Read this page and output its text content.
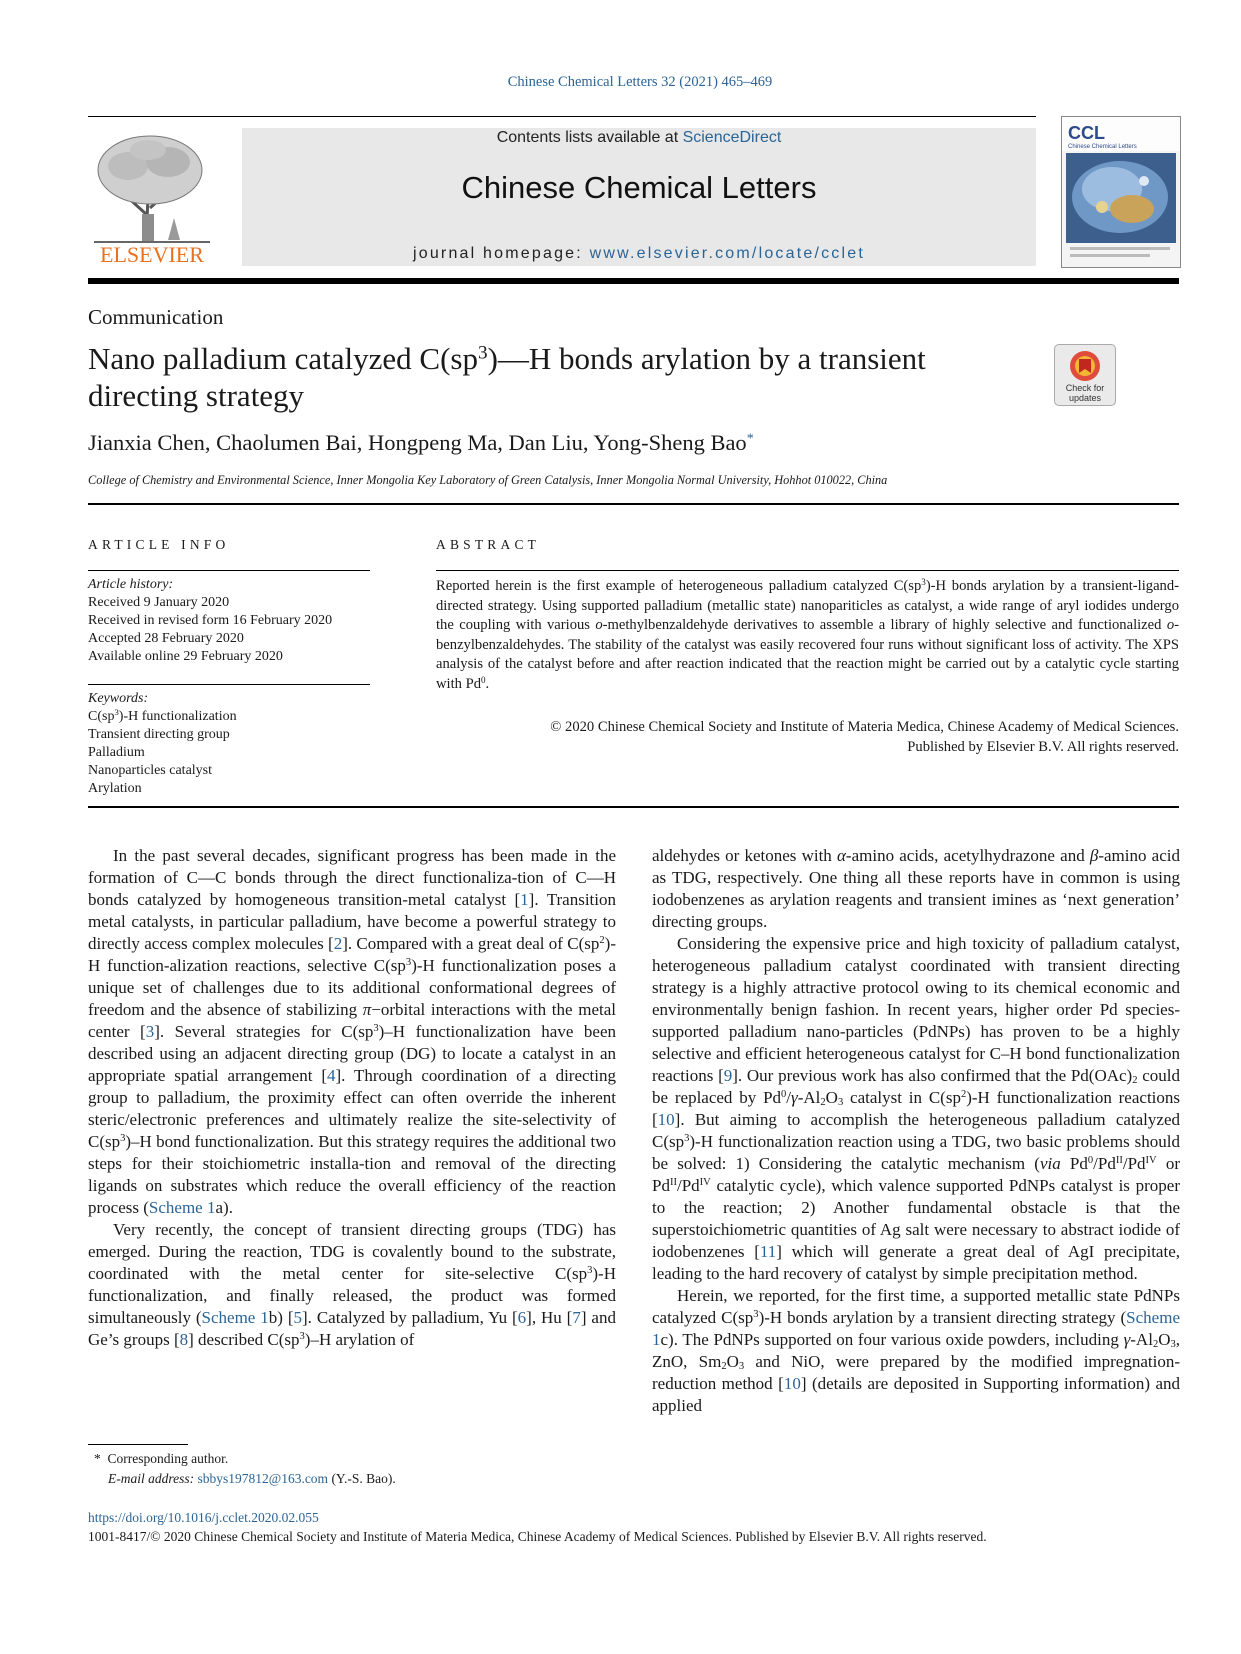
Chinese Chemical Letters 32 (2021) 465–469
ELSEVIER
Contents lists available at ScienceDirect
Chinese Chemical Letters
journal homepage: www.elsevier.com/locate/cclet
CCL
Chinese Chemical Letters
Communication
Nano palladium catalyzed $C(sp^3)—H$ bonds arylation by a transient directing strategy	Check for updates
Jianxia Chen, Chaolumen Bai, Hongpeng Ma, Dan Liu, Yong-Sheng Bao*
College of Chemistry and Environmental Science, Inner Mongolia Key Laboratory of Green Catalysis, Inner Mongolia Normal University, Hohhot 010022, China
ARTICLE INFO	ABSTRACT
Article history:
Received 9 January 2020
Received in revised form 16 February 2020
Accepted 28 February 2020
Available online 29 February 2020
Keywords:
$C(sp^3)-H$ functionalization
Transient directing group
Palladium
Nanoparticles catalyst
Arylation
Reported herein is the first example of heterogeneous palladium catalyzed $C(sp^3)-H$ bonds arylation by a transient-ligand-directed strategy. Using supported palladium (metallic state) nanopariticles as catalyst, a wide range of aryl iodides undergo the coupling with various o-methylbenzaldehyde derivatives to assemble a library of highly selective and functionalized o-benzylbenzaldehydes. The stability of the catalyst was easily recovered four runs without significant loss of activity. The XPS analysis of the catalyst before and after reaction indicated that the reaction might be carried out by a catalytic cycle starting with Pd$^0$.
© 2020 Chinese Chemical Society and Institute of Materia Medica, Chinese Academy of Medical Sciences.
Published by Elsevier B.V. All rights reserved.

In the past several decades, significant progress has been made in the formation of C—C bonds through the direct functionaliza-tion of C—H bonds catalyzed by homogeneous transition-metal catalyst [1]. Transition metal catalysts, in particular palladium, have become a powerful strategy to directly access complex molecules [2]. Compared with a great deal of $C(sp^2)-H$ function-alization reactions, selective $C(sp^3)-H$ functionalization poses a unique set of challenges due to its additional conformational degrees of freedom and the absence of stabilizing π−orbital interactions with the metal center [3]. Several strategies for $C(sp^3)-H$ functionalization have been described using an adjacent directing group (DG) to locate a catalyst in an appropriate spatial arrangement [4]. Through coordination of a directing group to palladium, the proximity effect can often override the inherent steric/electronic preferences and ultimately realize the site-selectivity of $C(sp^3)-H$ bond functionalization. But this strategy requires the additional two steps for their stoichiometric installa-tion and removal of the directing ligands on substrates which reduce the overall efficiency of the reaction process (Scheme 1a).

Very recently, the concept of transient directing groups (TDG) has emerged. During the reaction, TDG is covalently bound to the substrate, coordinated with the metal center for site-selective $C(sp^3)-H$ functionalization, and finally released, the product was formed simultaneously (Scheme 1b) [5]. Catalyzed by palladium, Yu [6], Hu [7] and Ge’s groups [8] described $C(sp^3)-H$ arylation of

aldehydes or ketones with α-amino acids, acetylhydrazone and β-amino acid as TDG, respectively. One thing all these reports have in common is using iodobenzenes as arylation reagents and transient imines as ‘next generation’ directing groups.

Considering the expensive price and high toxicity of palladium catalyst, heterogeneous palladium catalyst coordinated with transient directing strategy is a highly attractive protocol owing to its chemical economic and environmentally benign fashion. In recent years, higher order Pd species-supported palladium nano-particles (PdNPs) has proven to be a highly selective and efficient heterogeneous catalyst for C–H bond functionalization reactions [9]. Our previous work has also confirmed that the $Pd(OAc)_2$ could be replaced by $Pd^0/\gamma-Al_2O_3$ catalyst in $C(sp^2)-H$ functionalization reactions [10]. But aiming to accomplish the heterogeneous palladium catalyzed $C(sp^3)-H$ functionalization reaction using a TDG, two basic problems should be solved: 1) Considering the catalytic mechanism (via $Pd^0/Pd^{II}/Pd^{IV}$ or $Pd^{II}/Pd^{IV}$ catalytic cycle), which valence supported PdNPs catalyst is proper to the reaction; 2) Another fundamental obstacle is that the superstoichiometric quantities of Ag salt were necessary to abstract iodide of iodobenzenes [11] which will generate a great deal of AgI precipitate, leading to the hard recovery of catalyst by simple precipitation method.

Herein, we reported, for the first time, a supported metallic state PdNPs catalyzed $C(sp^3)-H$ bonds arylation by a transient directing strategy (Scheme 1c). The PdNPs supported on four various oxide powders, including $\gamma-Al_2O_3$, ZnO, $Sm_2O_3$ and NiO, were prepared by the modified impregnation-reduction method [10] (details are deposited in Supporting information) and applied

* Corresponding author.
E-mail address: sbbys197812@163.com (Y.-S. Bao).
https://doi.org/10.1016/j.cclet.2020.02.055
1001-8417/© 2020 Chinese Chemical Society and Institute of Materia Medica, Chinese Academy of Medical Sciences. Published by Elsevier B.V. All rights reserved.
